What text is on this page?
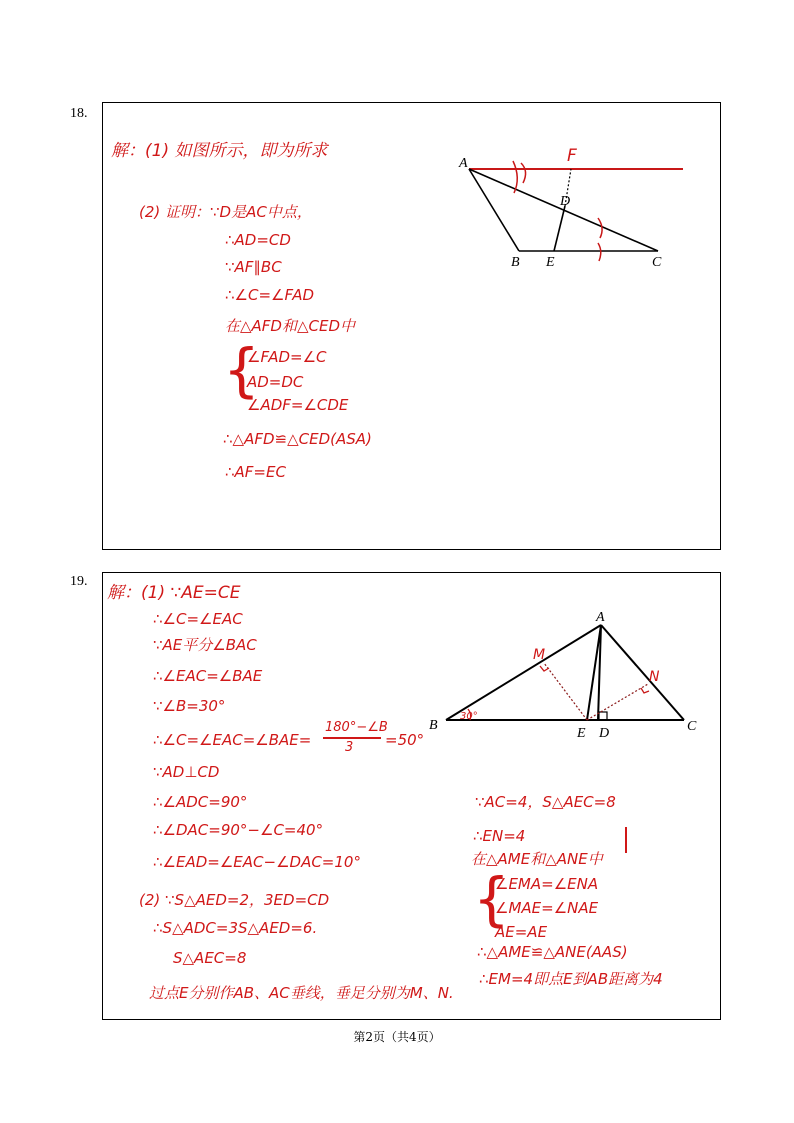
18.
解：(1) 如图所示，即为所求
(2) 证明：∵D是AC中点，
∴AD=CD
∵AF∥BC
∴∠C=∠FAD
在△AFD和△CED中
{
∠FAD=∠C
AD=DC
∠ADF=∠CDE
∴△AFD≌△CED(ASA)
∴AF=EC
A	F
D
B E	C
19.
解：(1) ∵AE=CE
∴∠C=∠EAC
∵AE平分∠BAC
∴∠EAC=∠BAE
∵∠B=30°
∴∠C=∠EAC=∠BAE=
180°−∠B
3 =50°
∵AD⊥CD
∴∠ADC=90°
∴∠DAC=90°−∠C=40°
∴∠EAD=∠EAC−∠DAC=10°
(2) ∵S△AED=2，3ED=CD
∴S△ADC=3S△AED=6.
S△AEC=8
过点E分别作AB、AC垂线，垂足分别为M、N.
∵AC=4，S△AEC=8
∴EN=4
在△AME和△ANE中
{
∠EMA=∠ENA
∠MAE=∠NAE
AE=AE
∴△AME≌△ANE(AAS)
∴EM=4即点E到AB距离为4
30°
A
B
E D	C
M
N
第2页（共4页）
